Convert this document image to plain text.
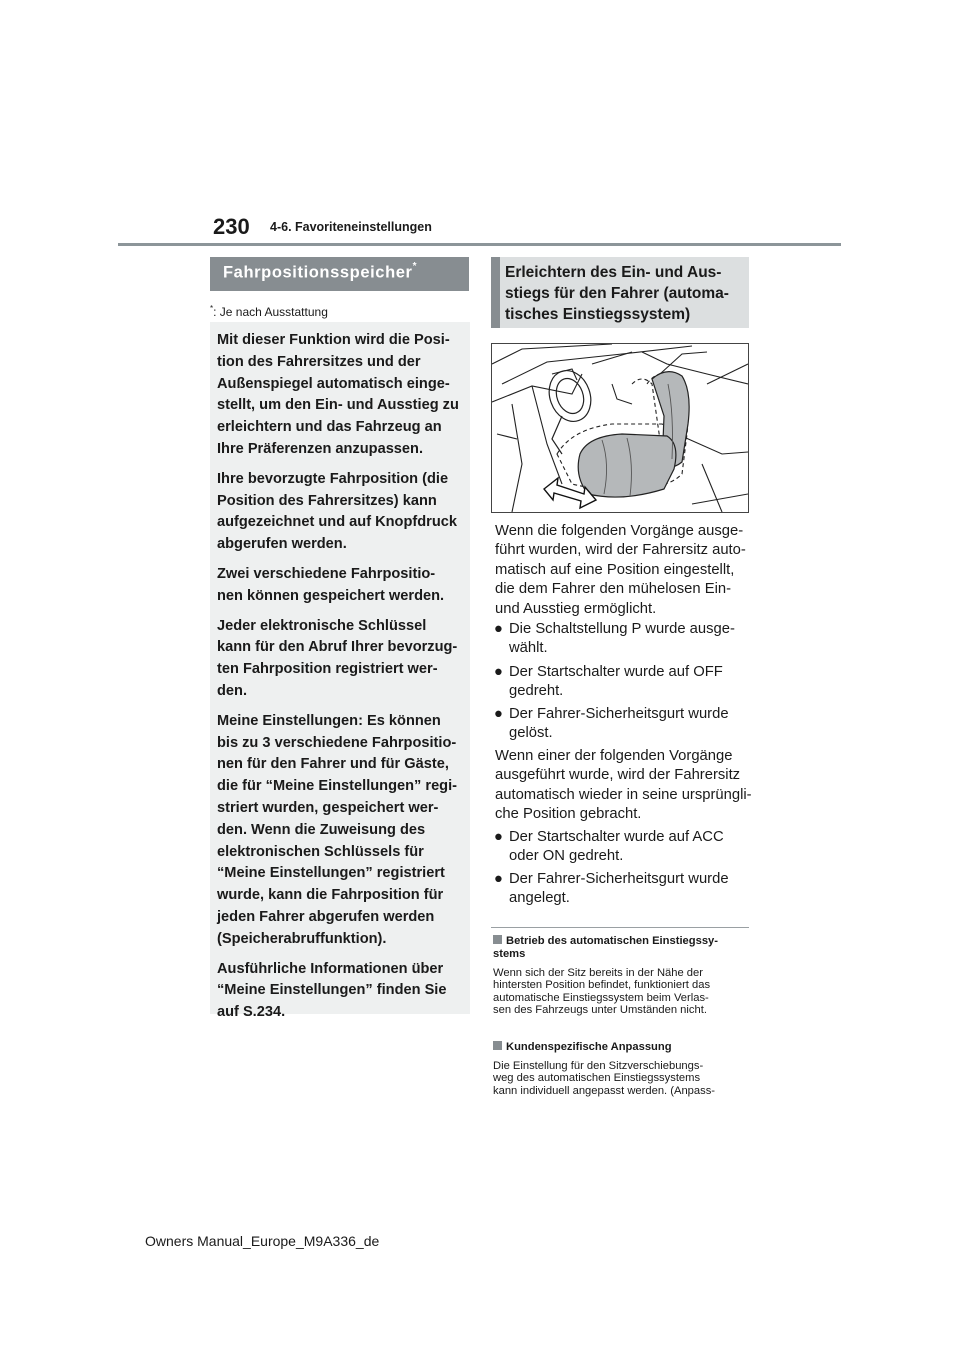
230 4-6. Favoriteneinstellungen
Fahrpositionsspeicher*
*: Je nach Ausstattung

Mit dieser Funktion wird die Posi-
tion des Fahrersitzes und der
Außenspiegel automatisch einge-
stellt, um den Ein- und Ausstieg zu
erleichtern und das Fahrzeug an
Ihre Präferenzen anzupassen.

Ihre bevorzugte Fahrposition (die
Position des Fahrersitzes) kann
aufgezeichnet und auf Knopfdruck
abgerufen werden.

Zwei verschiedene Fahrpositio-
nen können gespeichert werden.

Jeder elektronische Schlüssel
kann für den Abruf Ihrer bevorzug-
ten Fahrposition registriert wer-
den.

Meine Einstellungen: Es können
bis zu 3 verschiedene Fahrpositio-
nen für den Fahrer und für Gäste,
die für “Meine Einstellungen” regi-
striert wurden, gespeichert wer-
den. Wenn die Zuweisung des
elektronischen Schlüssels für
“Meine Einstellungen” registriert
wurde, kann die Fahrposition für
jeden Fahrer abgerufen werden
(Speicherabruffunktion).

Ausführliche Informationen über
“Meine Einstellungen” finden Sie
auf S.234.

Erleichtern des Ein- und Aus-
stiegs für den Fahrer (automa-
tisches Einstiegssystem)
Wenn die folgenden Vorgänge ausge-
führt wurden, wird der Fahrersitz auto-
matisch auf eine Position eingestellt,
die dem Fahrer den mühelosen Ein-
und Ausstieg ermöglicht.
● Die Schaltstellung P wurde ausge-
wählt.
● Der Startschalter wurde auf OFF
gedreht.
● Der Fahrer-Sicherheitsgurt wurde
gelöst.
Wenn einer der folgenden Vorgänge
ausgeführt wurde, wird der Fahrersitz
automatisch wieder in seine ursprüngli-
che Position gebracht.
● Der Startschalter wurde auf ACC
oder ON gedreht.
● Der Fahrer-Sicherheitsgurt wurde
angelegt.
Betrieb des automatischen Einstiegssy-
stems
Wenn sich der Sitz bereits in der Nähe der
hintersten Position befindet, funktioniert das
automatische Einstiegssystem beim Verlas-
sen des Fahrzeugs unter Umständen nicht.
Kundenspezifische Anpassung
Die Einstellung für den Sitzverschiebungs-
weg des automatischen Einstiegssystems
kann individuell angepasst werden. (Anpass-
Owners Manual_Europe_M9A336_de
